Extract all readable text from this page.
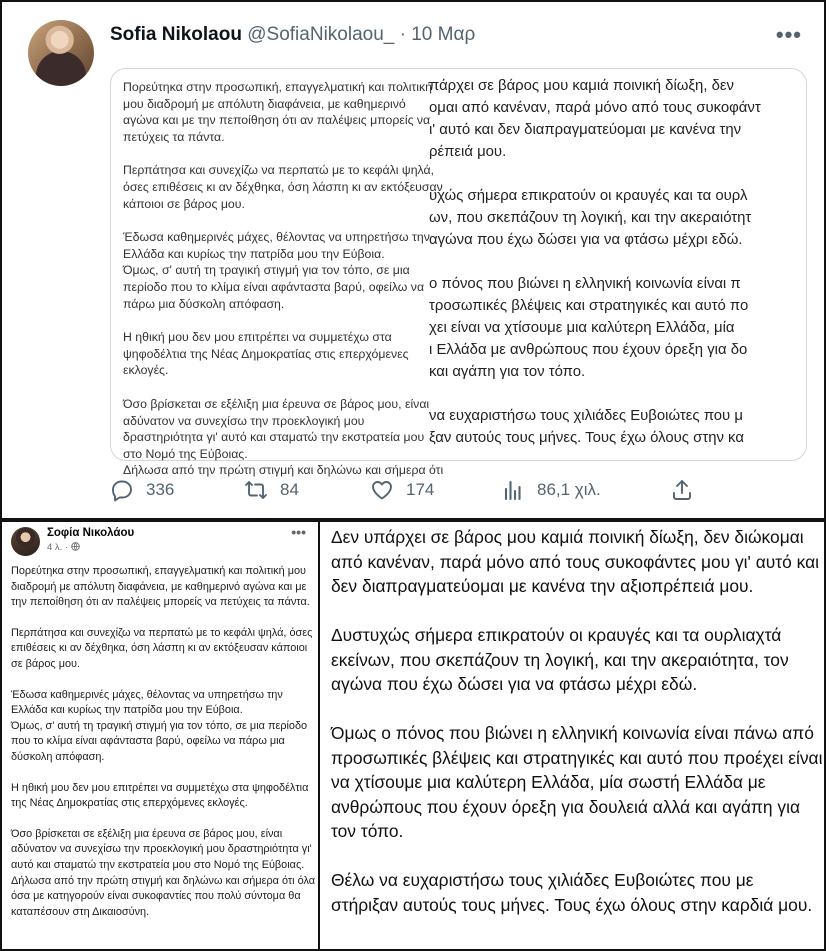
Sofia Nikolaou @SofiaNikolaou_ · 10 Μαρ	•••

Πορεύτηκα στην προσωπική, επαγγελματική και πολιτική μου διαδρομή με απόλυτη διαφάνεια, με καθημερινό αγώνα και με την πεποίθηση ότι αν παλέψεις μπορείς να πετύχεις τα πάντα.

Περπάτησα και συνεχίζω να περπατώ με το κεφάλι ψηλά, όσες επιθέσεις κι αν δέχθηκα, όση λάσπη κι αν εκτόξευσαν κάποιοι σε βάρος μου.

Έδωσα καθημερινές μάχες, θέλοντας να υπηρετήσω την Ελλάδα και κυρίως την πατρίδα μου την Εύβοια.

Όμως, σ' αυτή τη τραγική στιγμή για τον τόπο, σε μια περίοδο που το κλίμα είναι αφάνταστα βαρύ, οφείλω να πάρω μια δύσκολη απόφαση.

Η ηθική μου δεν μου επιτρέπει να συμμετέχω στα ψηφοδέλτια της Νέας Δημοκρατίας στις επερχόμενες εκλογές.

Όσο βρίσκεται σε εξέλιξη μια έρευνα σε βάρος μου, είναι αδύνατον να συνεχίσω την προεκλογική μου δραστηριότητα γι' αυτό και σταματώ την εκστρατεία μου στο Νομό της Εύβοιας.

Δήλωσα από την πρώτη στιγμή και δηλώνω και σήμερα ότι

πάρχει σε βάρος μου καμιά ποινική δίωξη, δεν
ομαι από κανέναν, παρά μόνο από τους συκοφάντ
ι' αυτό και δεν διαπραγματεύομαι με κανένα την
ρέπειά μου.

υχώς σήμερα επικρατούν οι κραυγές και τα ουρλ
ων, που σκεπάζουν τη λογική, και την ακεραιότητ
αγώνα που έχω δώσει για να φτάσω μέχρι εδώ.

ο πόνος που βιώνει η ελληνική κοινωνία είναι π
τροσωπικές βλέψεις και στρατηγικές και αυτό πο
χει είναι να χτίσουμε μια καλύτερη Ελλάδα, μία
ι Ελλάδα με ανθρώπους που έχουν όρεξη για δο
και αγάπη για τον τόπο.

να ευχαριστήσω τους χιλιάδες Ευβοιώτες που μ
ξαν αυτούς τους μήνες. Τους έχω όλους στην κα

336	84	174	86,1 χιλ.
Σοφία Νικολάου
4 λ. ·
•••

Πορεύτηκα στην προσωπική, επαγγελματική και πολιτική μου διαδρομή με απόλυτη διαφάνεια, με καθημερινό αγώνα και με την πεποίθηση ότι αν παλέψεις μπορείς να πετύχεις τα πάντα.

Περπάτησα και συνεχίζω να περπατώ με το κεφάλι ψηλά, όσες επιθέσεις κι αν δέχθηκα, όση λάσπη κι αν εκτόξευσαν κάποιοι σε βάρος μου.

Έδωσα καθημερινές μάχες, θέλοντας να υπηρετήσω την Ελλάδα και κυρίως την πατρίδα μου την Εύβοια.

Όμως, σ' αυτή τη τραγική στιγμή για τον τόπο, σε μια περίοδο που το κλίμα είναι αφάνταστα βαρύ, οφείλω να πάρω μια δύσκολη απόφαση.

Η ηθική μου δεν μου επιτρέπει να συμμετέχω στα ψηφοδέλτια της Νέας Δημοκρατίας στις επερχόμενες εκλογές.

Όσο βρίσκεται σε εξέλιξη μια έρευνα σε βάρος μου, είναι αδύνατον να συνεχίσω την προεκλογική μου δραστηριότητα γι' αυτό και σταματώ την εκστρατεία μου στο Νομό της Εύβοιας.

Δήλωσα από την πρώτη στιγμή και δηλώνω και σήμερα ότι όλα όσα με κατηγορούν είναι συκοφαντίες που πολύ σύντομα θα καταπέσουν στη Δικαιοσύνη.

Δεν υπάρχει σε βάρος μου καμιά ποινική δίωξη, δεν διώκομαι από κανέναν, παρά μόνο από τους συκοφάντες μου γι' αυτό και δεν διαπραγματεύομαι με κανένα την αξιοπρέπειά μου.

Δυστυχώς σήμερα επικρατούν οι κραυγές και τα ουρλιαχτά εκείνων, που σκεπάζουν τη λογική, και την ακεραιότητα, τον αγώνα που έχω δώσει για να φτάσω μέχρι εδώ.

Όμως ο πόνος που βιώνει η ελληνική κοινωνία είναι πάνω από προσωπικές βλέψεις και στρατηγικές και αυτό που προέχει είναι να χτίσουμε μια καλύτερη Ελλάδα, μία σωστή Ελλάδα με ανθρώπους που έχουν όρεξη για δουλειά αλλά και αγάπη για τον τόπο.

Θέλω να ευχαριστήσω τους χιλιάδες Ευβοιώτες που με στήριξαν αυτούς τους μήνες. Τους έχω όλους στην καρδιά μου.
